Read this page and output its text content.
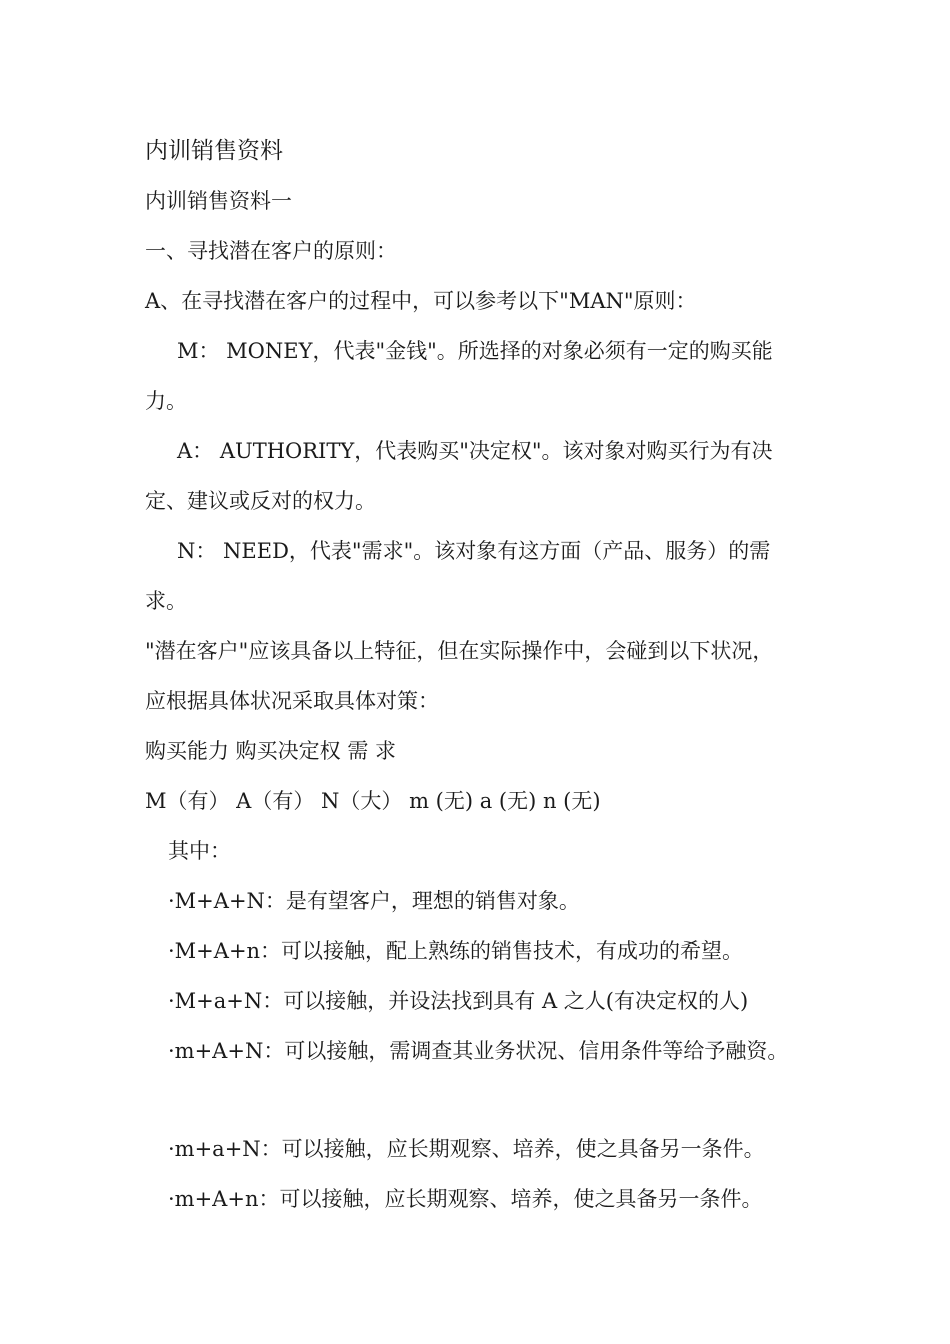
内训销售资料
内训销售资料一
一、寻找潜在客户的原则：
A、在寻找潜在客户的过程中，可以参考以下"MAN"原则：
M： MONEY，代表"金钱"。所选择的对象必须有一定的购买能
力。
A： AUTHORITY，代表购买"决定权"。该对象对购买行为有决
定、建议或反对的权力。
N： NEED，代表"需求"。该对象有这方面（产品、服务）的需
求。
"潜在客户"应该具备以上特征，但在实际操作中，会碰到以下状况，
应根据具体状况采取具体对策：
购买能力 购买决定权 需 求
M（有） A（有） N（大） m (无) a (无) n (无)
其中：
·M+A+N：是有望客户，理想的销售对象。
·M+A+n：可以接触，配上熟练的销售技术，有成功的希望。
·M+a+N：可以接触，并设法找到具有 A 之人(有决定权的人)
·m+A+N：可以接触，需调查其业务状况、信用条件等给予融资。
·m+a+N：可以接触，应长期观察、培养，使之具备另一条件。
·m+A+n：可以接触，应长期观察、培养，使之具备另一条件。
